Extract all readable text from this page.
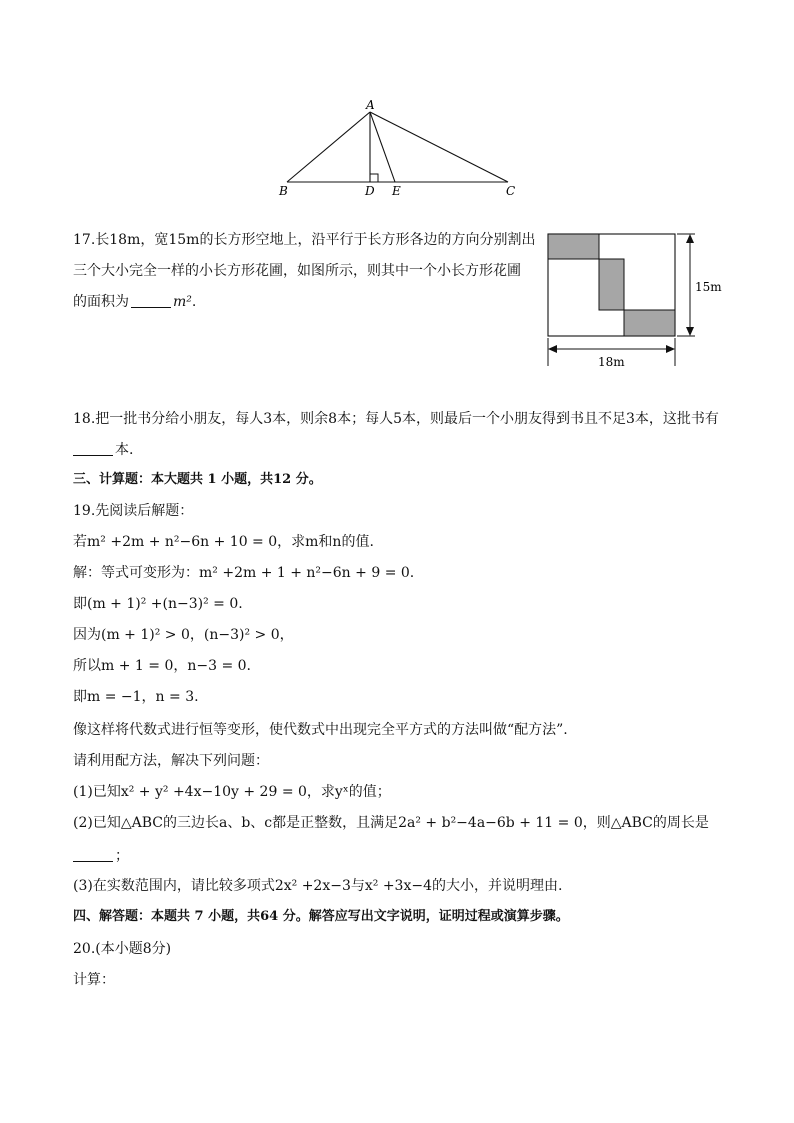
A
B	D E	C
17.长18m，宽15m的长方形空地上，沿平行于长方形各边的方向分别割出
三个大小完全一样的小长方形花圃，如图所示，则其中一个小长方形花圃
的面积为	m².
15m
18m
18.把一批书分给小朋友，每人3本，则余8本；每人5本，则最后一个小朋友得到书且不足3本，这批书有
本.
三、计算题：本大题共 1 小题，共12 分。
19.先阅读后解题：
若m² +2m + n²−6n + 10 = 0，求m和n的值.
解：等式可变形为：m² +2m + 1 + n²−6n + 9 = 0.
即(m + 1)² +(n−3)² = 0.
因为(m + 1)² > 0，(n−3)² > 0，
所以m + 1 = 0，n−3 = 0.
即m = −1，n = 3.
像这样将代数式进行恒等变形，使代数式中出现完全平方式的方法叫做“配方法”.
请利用配方法，解决下列问题：
(1)已知x² + y² +4x−10y + 29 = 0，求yˣ的值；
(2)已知△ABC的三边长a、b、c都是正整数，且满足2a² + b²−4a−6b + 11 = 0，则△ABC的周长是
；
(3)在实数范围内，请比较多项式2x² +2x−3与x² +3x−4的大小，并说明理由.
四、解答题：本题共 7 小题，共64 分。解答应写出文字说明，证明过程或演算步骤。
20.(本小题8分)
计算：
